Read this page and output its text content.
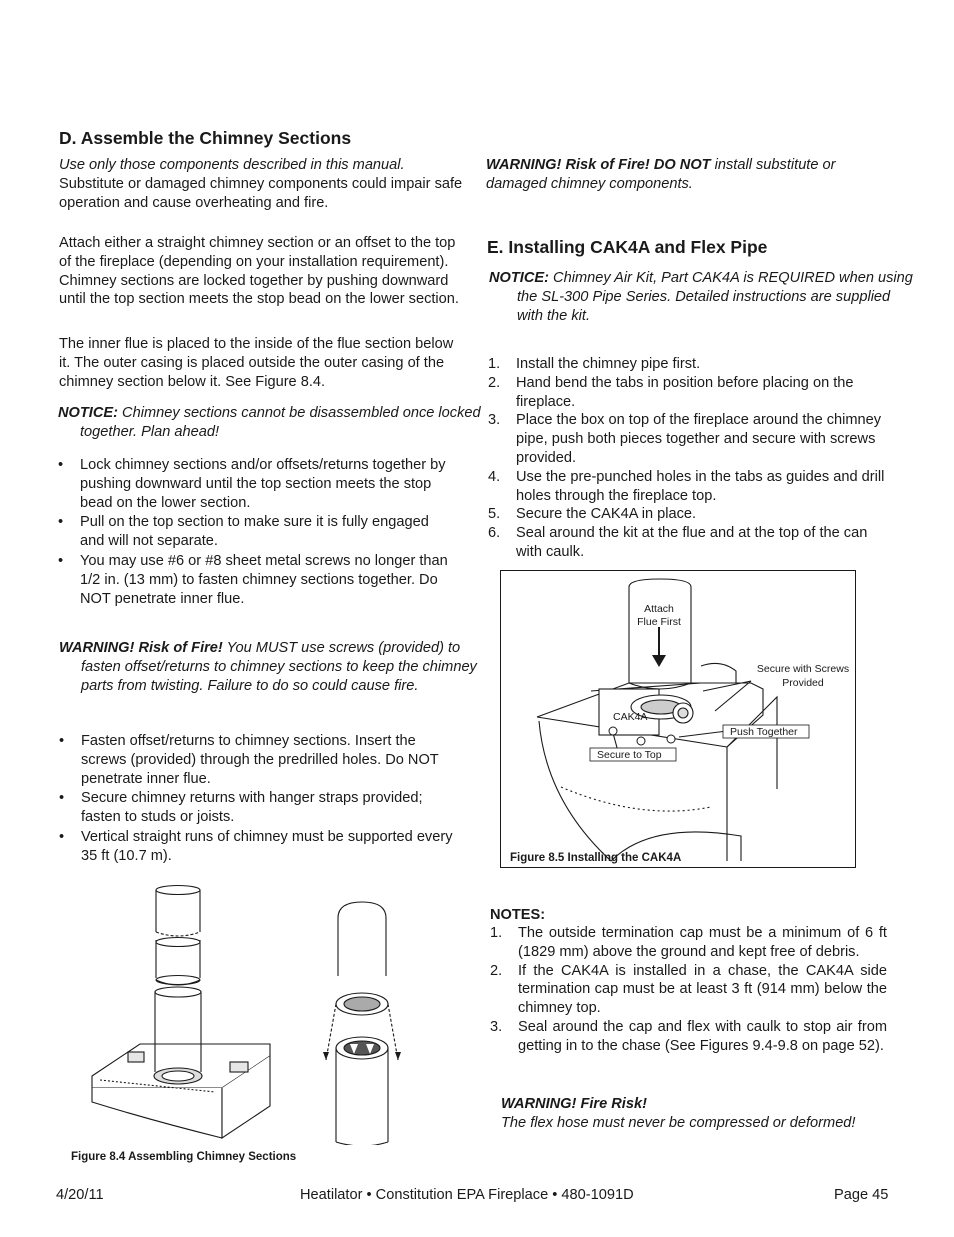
D. Assemble the Chimney Sections
Use only those components described in this manual.
Substitute or damaged chimney components could impair safe operation and cause overheating and fire.

Attach either a straight chimney section or an offset to the top of the fireplace (depending on your installation requirement). Chimney sections are locked together by pushing downward until the top section meets the stop bead on the lower section.

The inner flue is placed to the inside of the flue section below it. The outer casing is placed outside the outer casing of the chimney section below it. See Figure 8.4.

NOTICE: Chimney sections cannot be disassembled once locked together. Plan ahead!

• Lock chimney sections and/or offsets/returns together by pushing downward until the top section meets the stop bead on the lower section.
• Pull on the top section to make sure it is fully engaged and will not separate.
• You may use #6 or #8 sheet metal screws no longer than 1/2 in. (13 mm) to fasten chimney sections together. Do NOT penetrate inner flue.

WARNING! Risk of Fire! You MUST use screws (provided) to fasten offset/returns to chimney sections to keep the chimney parts from twisting. Failure to do so could cause fire.

• Fasten offset/returns to chimney sections. Insert the screws (provided) through the predrilled holes. Do NOT penetrate inner flue.
• Secure chimney returns with hanger straps provided; fasten to studs or joists.
• Vertical straight runs of chimney must be supported every 35 ft (10.7 m).
Figure 8.4 Assembling Chimney Sections

WARNING! Risk of Fire! DO NOT install substitute or damaged chimney components.

E. Installing CAK4A and Flex Pipe

NOTICE: Chimney Air Kit, Part CAK4A is REQUIRED when using the SL-300 Pipe Series. Detailed instructions are supplied with the kit.

1. Install the chimney pipe first.
2. Hand bend the tabs in position before placing on the fireplace.
3. Place the box on top of the fireplace around the chimney pipe, push both pieces together and secure with screws provided.
4. Use the pre-punched holes in the tabs as guides and drill holes through the fireplace top.
5. Secure the CAK4A in place.
6. Seal around the kit at the flue and at the top of the can with caulk.
Attach
Flue First
Secure with Screws
Provided
CAK4A
Push Together
Secure to Top
Figure 8.5 Installing the CAK4A
NOTES:
1. The outside termination cap must be a minimum of 6 ft (1829 mm) above the ground and kept free of debris.
2. If the CAK4A is installed in a chase, the CAK4A side termination cap must be at least 3 ft (914 mm) below the chimney top.
3. Seal around the cap and flex with caulk to stop air from getting in to the chase (See Figures 9.4-9.8 on page 52).
WARNING! Fire Risk!
The flex hose must never be compressed or deformed!
4/20/11	Heatilator • Constitution EPA Fireplace • 480-1091D	Page 45
